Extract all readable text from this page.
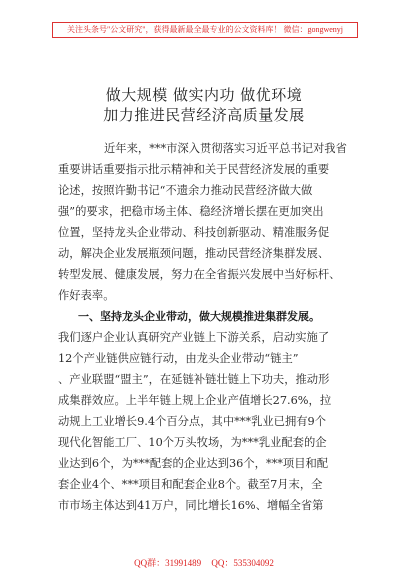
关注头条号"公文研究"，获得最新最全最专业的公文资料库！ 微信：gongwenyj
做大规模 做实内功 做优环境
加力推进民营经济高质量发展
近年来，***市深入贯彻落实习近平总书记对我省
重要讲话重要指示批示精神和关于民营经济发展的重要
论述，按照许勤书记“不遗余力推动民营经济做大做
强”的要求，把稳市场主体、稳经济增长摆在更加突出
位置，坚持龙头企业带动、科技创新驱动、精准服务促
动，解决企业发展瓶颈问题，推动民营经济集群发展、
转型发展、健康发展，努力在全省振兴发展中当好标杆、
作好表率。
一、坚持龙头企业带动，做大规模推进集群发展。
我们逐户企业认真研究产业链上下游关系，启动实施了
12个产业链供应链行动，由龙头企业带动“链主”
、产业联盟“盟主”，在延链补链壮链上下功夫，推动形
成集群效应。上半年链上规上企业产值增长27.6%，拉
动规上工业增长9.4个百分点，其中***乳业已拥有9个
现代化智能工厂、10个万头牧场，为***乳业配套的企
业达到6个，为***配套的企业达到36个，***项目和配
套企业4个、***项目和配套企业8个。截至7月末，全
市市场主体达到41万户，同比增长16%、增幅全省第
QQ群：31991489 QQ：535304092
